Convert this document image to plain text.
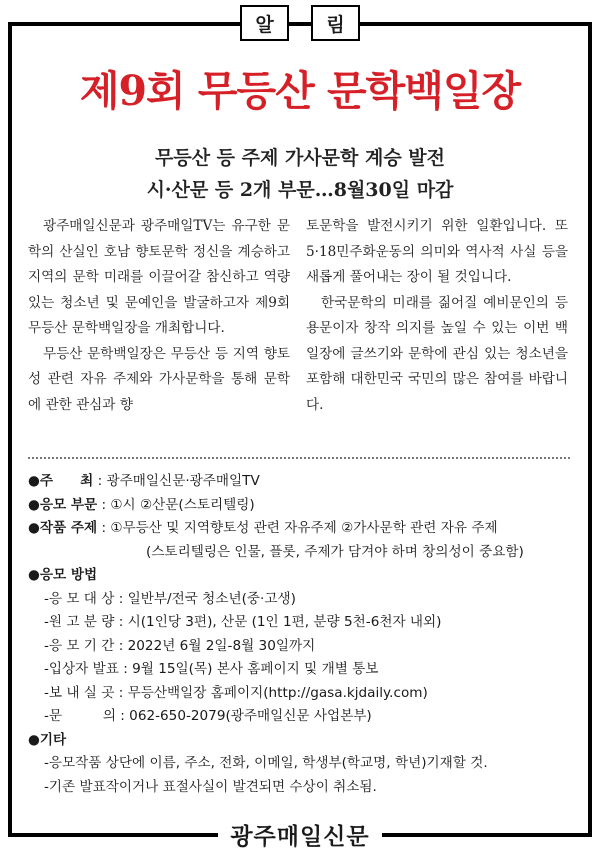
알	림
제9회 무등산 문학백일장
무등산 등 주제 가사문학 계승 발전
시·산문 등 2개 부문…8월30일 마감

광주매일신문과 광주매일TV는 유구한 문학의 산실인 호남 향토문학 정신을 계승하고 지역의 문학 미래를 이끌어갈 참신하고 역량 있는 청소년 및 문예인을 발굴하고자 제9회 무등산 문학백일장을 개최합니다.

무등산 문학백일장은 무등산 등 지역 향토성 관련 자유 주제와 가사문학을 통해 문학에 관한 관심과 향

토문학을 발전시키기 위한 일환입니다. 또 5·18민주화운동의 의미와 역사적 사실 등을 새롭게 풀어내는 장이 될 것입니다.

한국문학의 미래를 짊어질 예비문인의 등용문이자 창작 의지를 높일 수 있는 이번 백일장에 글쓰기와 문학에 관심 있는 청소년을 포함해 대한민국 국민의 많은 참여를 바랍니다.

●주　　최 : 광주매일신문·광주매일TV
●응모 부문 : ①시 ②산문(스토리텔링)
●작품 주제 : ①무등산 및 지역향토성 관련 자유주제 ②가사문학 관련 자유 주제
(스토리텔링은 인물, 플롯, 주제가 담겨야 하며 창의성이 중요함)
●응모 방법
-응 모 대 상 : 일반부/전국 청소년(중·고생)
-원 고 분 량 : 시(1인당 3편), 산문 (1인 1편, 분량 5천-6천자 내외)
-응 모 기 간 : 2022년 6월 2일-8월 30일까지
-입상자 발표 : 9월 15일(목) 본사 홈페이지 및 개별 통보
-보 내 실 곳 : 무등산백일장 홈페이지(http://gasa.kjdaily.com)
-문　　　의 : 062-650-2079(광주매일신문 사업본부)
●기타
-응모작품 상단에 이름, 주소, 전화, 이메일, 학생부(학교명, 학년)기재할 것.
-기존 발표작이거나 표절사실이 발견되면 수상이 취소됨.
광주매일신문
